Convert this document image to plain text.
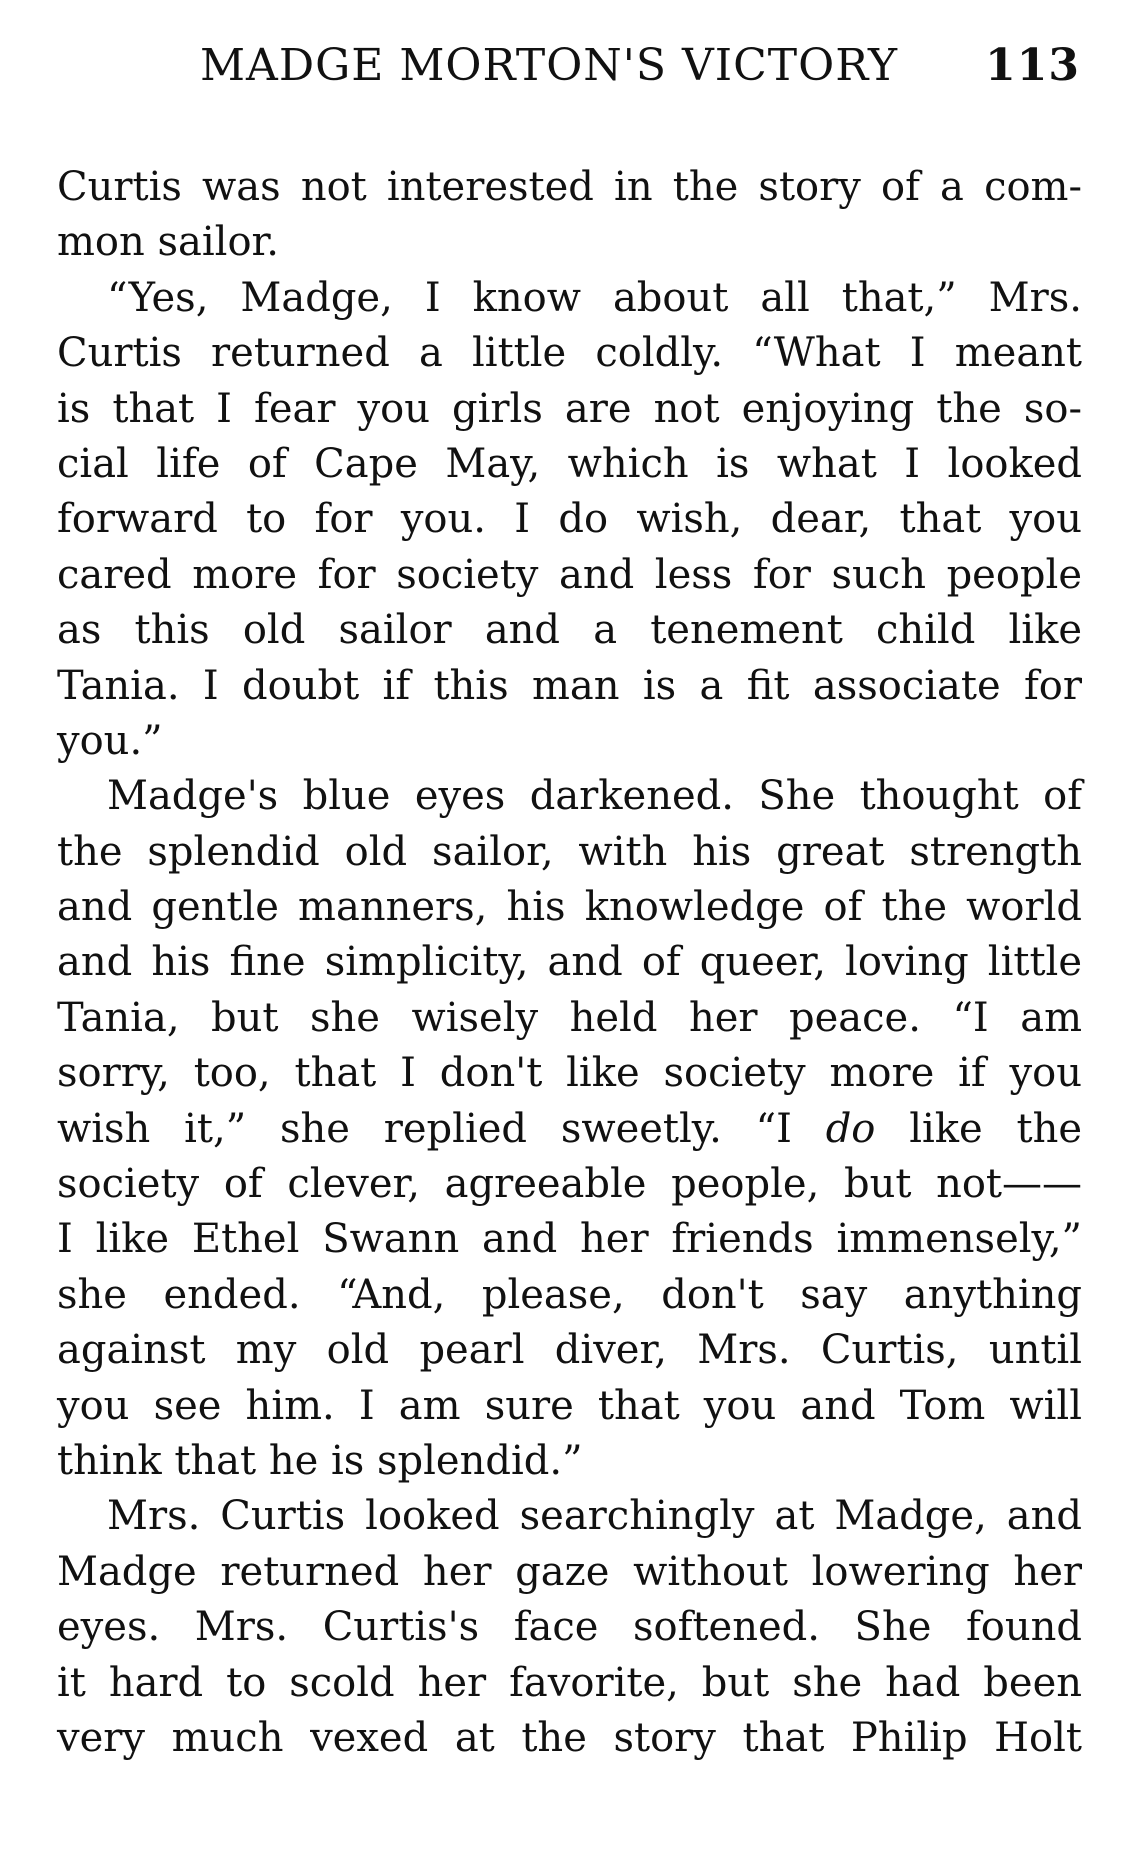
MADGE MORTON'S VICTORY 113
Curtis was not interested in the story of a com-
mon sailor.
“Yes, Madge, I know about all that,” Mrs.
Curtis returned a little coldly. “What I meant
is that I fear you girls are not enjoying the so-
cial life of Cape May, which is what I looked
forward to for you. I do wish, dear, that you
cared more for society and less for such people
as this old sailor and a tenement child like
Tania. I doubt if this man is a fit associate for
you.”
Madge's blue eyes darkened. She thought of
the splendid old sailor, with his great strength
and gentle manners, his knowledge of the world
and his fine simplicity, and of queer, loving little
Tania, but she wisely held her peace. “I am
sorry, too, that I don't like society more if you
wish it,” she replied sweetly. “I do like the
society of clever, agreeable people, but not——
I like Ethel Swann and her friends immensely,”
she ended. “And, please, don't say anything
against my old pearl diver, Mrs. Curtis, until
you see him. I am sure that you and Tom will
think that he is splendid.”
Mrs. Curtis looked searchingly at Madge, and
Madge returned her gaze without lowering her
eyes. Mrs. Curtis's face softened. She found
it hard to scold her favorite, but she had been
very much vexed at the story that Philip Holt
